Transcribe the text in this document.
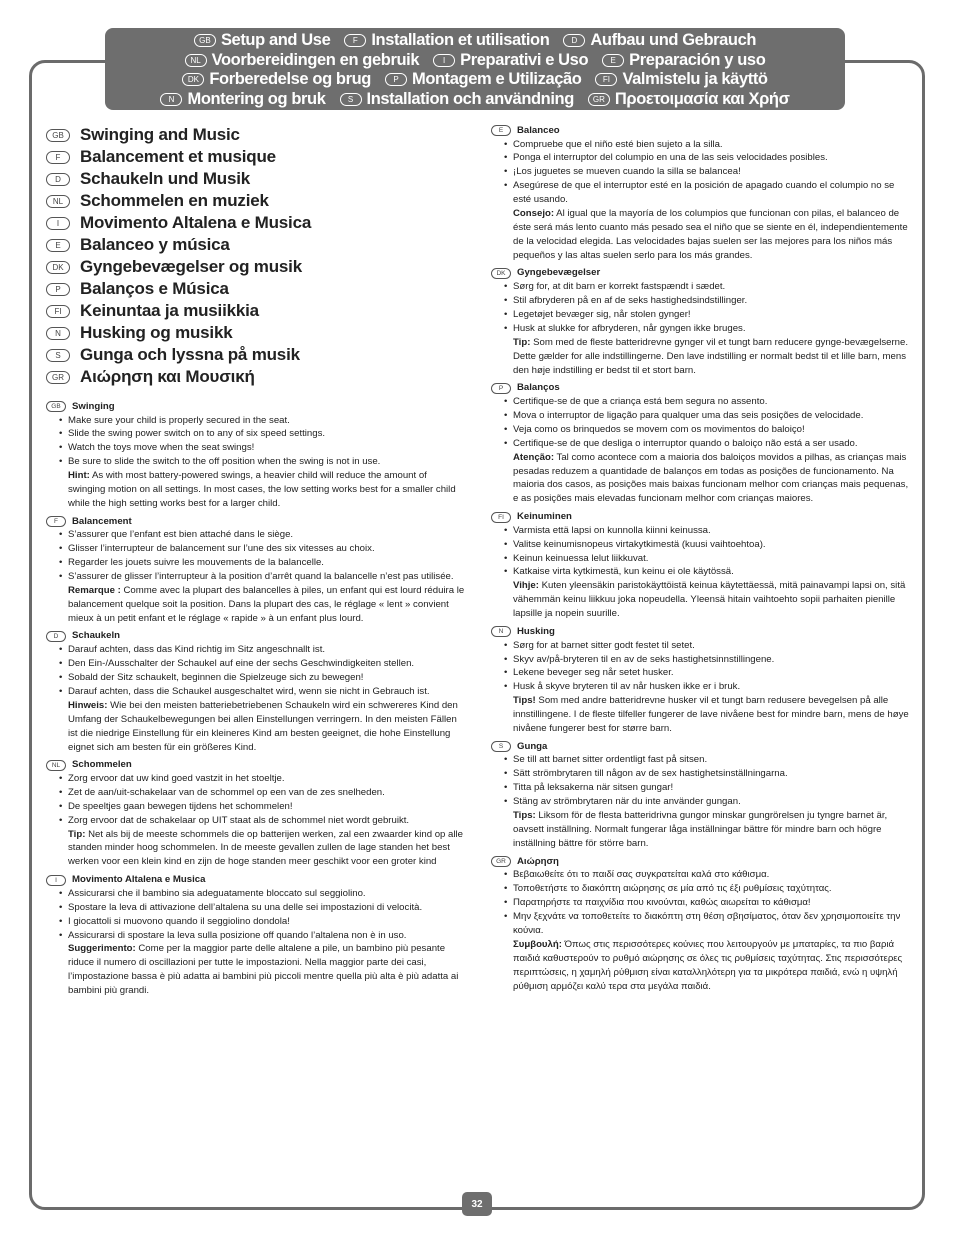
GB Setup and Use	F Installation et utilisation	D Aufbau und Gebrauch
NL Voorbereidingen en gebruik	I Preparativi e Uso	E Preparación y uso
DK Forberedelse og brug	P Montagem e Utilização	FI Valmistelu ja käyttö
N Montering og bruk	S Installation och användning	GR Προετοιμασία και Χρήσ
GB Swinging and Music
F	Balancement et musique
D	Schaukeln und Musik
NL Schommelen en muziek
I	Movimento Altalena e Musica
E	Balanceo y música
DK Gyngebevægelser og musik
P	Balanços e Música
FI	Keinuntaa ja musiikkia
N	Husking og musikk
S	Gunga och lyssna på musik
GR Αιώρηση και Μουσική
GB	Swinging
• Make sure your child is properly secured in the seat.
• Slide the swing power switch on to any of six speed settings.
• Watch the toys move when the seat swings!
• Be sure to slide the switch to the off position when the swing is not in use.
Hint: As with most battery-powered swings, a heavier child will reduce the amount of swinging motion on all settings. In most cases, the low setting works best for a smaller child while the high setting works best for a larger child.
F	Balancement
• S’assurer que l’enfant est bien attaché dans le siège.
• Glisser l’interrupteur de balancement sur l’une des six vitesses au choix.
• Regarder les jouets suivre les mouvements de la balancelle.
• S’assurer de glisser l’interrupteur à la position d’arrêt quand la balancelle n’est pas utilisée.
Remarque : Comme avec la plupart des balancelles à piles, un enfant qui est lourd réduira le balancement quelque soit la position. Dans la plupart des cas, le réglage « lent » convient mieux à un petit enfant et le réglage « rapide » à un enfant plus lourd.
D	Schaukeln
• Darauf achten, dass das Kind richtig im Sitz angeschnallt ist.
• Den Ein-/Ausschalter der Schaukel auf eine der sechs Geschwindigkeiten stellen.
• Sobald der Sitz schaukelt, beginnen die Spielzeuge sich zu bewegen!
• Darauf achten, dass die Schaukel ausgeschaltet wird, wenn sie nicht in Gebrauch ist.
Hinweis: Wie bei den meisten batteriebetriebenen Schaukeln wird ein schwereres Kind den Umfang der Schaukelbewegungen bei allen Einstellungen verringern. In den meisten Fällen ist die niedrige Einstellung für ein kleineres Kind am besten geeignet, die hohe Einstellung eignet sich am besten für ein größeres Kind.
NL	Schommelen
• Zorg ervoor dat uw kind goed vastzit in het stoeltje.
• Zet de aan/uit-schakelaar van de schommel op een van de zes snelheden.
• De speeltjes gaan bewegen tijdens het schommelen!
• Zorg ervoor dat de schakelaar op UIT staat als de schommel niet wordt gebruikt.
Tip: Net als bij de meeste schommels die op batterijen werken, zal een zwaarder kind op alle standen minder hoog schommelen. In de meeste gevallen zullen de lage standen het best werken voor een klein kind en zijn de hoge standen meer geschikt voor een groter kind
I	Movimento Altalena e Musica
• Assicurarsi che il bambino sia adeguatamente bloccato sul seggiolino.
• Spostare la leva di attivazione dell’altalena su una delle sei impostazioni di velocità.
• I giocattoli si muovono quando il seggiolino dondola!
• Assicurarsi di spostare la leva sulla posizione off quando l’altalena non è in uso.
Suggerimento: Come per la maggior parte delle altalene a pile, un bambino più pesante riduce il numero di oscillazioni per tutte le impostazioni. Nella maggior parte dei casi, l’impostazione bassa è più adatta ai bambini più piccoli mentre quella più alta è più adatta ai bambini più grandi.
E	Balanceo
• Compruebe que el niño esté bien sujeto a la silla.
• Ponga el interruptor del columpio en una de las seis velocidades posibles.
• ¡Los juguetes se mueven cuando la silla se balancea!
• Asegúrese de que el interruptor esté en la posición de apagado cuando el columpio no se esté usando.
Consejo: Al igual que la mayoría de los columpios que funcionan con pilas, el balanceo de éste será más lento cuanto más pesado sea el niño que se siente en él, independientemente de la velocidad elegida. Las velocidades bajas suelen ser las mejores para los niños más pequeños y las altas suelen serlo para los más grandes.
DK	Gyngebevægelser
• Sørg for, at dit barn er korrekt fastspændt i sædet.
• Stil afbryderen på en af de seks hastighedsindstillinger.
• Legetøjet bevæger sig, når stolen gynger!
• Husk at slukke for afbryderen, når gyngen ikke bruges.
Tip: Som med de fleste batteridrevne gynger vil et tungt barn reducere gynge-bevægelserne. Dette gælder for alle indstillingerne. Den lave indstilling er normalt bedst til et lille barn, mens den høje indstilling er bedst til et stort barn.
P	Balanços
• Certifique-se de que a criança está bem segura no assento.
• Mova o interruptor de ligação para qualquer uma das seis posições de velocidade.
• Veja como os brinquedos se movem com os movimentos do baloiço!
• Certifique-se de que desliga o interruptor quando o baloiço não está a ser usado.
Atenção: Tal como acontece com a maioria dos baloiços movidos a pilhas, as crianças mais pesadas reduzem a quantidade de balanços em todas as posições de funcionamento. Na maioria dos casos, as posições mais baixas funcionam melhor com crianças mais pequenas, e as posições mais elevadas funcionam melhor com crianças maiores.
FI	Keinuminen
• Varmista että lapsi on kunnolla kiinni keinussa.
• Valitse keinumisnopeus virtakytkimestä (kuusi vaihtoehtoa).
• Keinun keinuessa lelut liikkuvat.
• Katkaise virta kytkimestä, kun keinu ei ole käytössä.
Vihje: Kuten yleensäkin paristokäyttöistä keinua käytettäessä, mitä painavampi lapsi on, sitä vähemmän keinu liikkuu joka nopeudella. Yleensä hitain vaihtoehto sopii parhaiten pienille lapsille ja nopein suurille.
N	Husking
• Sørg for at barnet sitter godt festet til setet.
• Skyv av/på-bryteren til en av de seks hastighetsinnstillingene.
• Lekene beveger seg når setet husker.
• Husk å skyve bryteren til av når husken ikke er i bruk.
Tips! Som med andre batteridrevne husker vil et tungt barn redusere bevegelsen på alle innstillingene. I de fleste tilfeller fungerer de lave nivåene best for mindre barn, mens de høye nivåene fungerer best for større barn.
S	Gunga
• Se till att barnet sitter ordentligt fast på sitsen.
• Sätt strömbrytaren till någon av de sex hastighetsinställningarna.
• Titta på leksakerna när sitsen gungar!
• Stäng av strömbrytaren när du inte använder gungan.
Tips: Liksom för de flesta batteridrivna gungor minskar gungrörelsen ju tyngre barnet är, oavsett inställning. Normalt fungerar låga inställningar bättre för mindre barn och högre inställning bättre för större barn.
GR	Αιώρηση
• Βεβαιωθείτε ότι το παιδί σας συγκρατείται καλά στο κάθισμα.
• Τοποθετήστε το διακόπτη αιώρησης σε μία από τις έξι ρυθμίσεις ταχύτητας.
• Παρατηρήστε τα παιχνίδια που κινούνται, καθώς αιωρείται το κάθισμα!
• Μην ξεχνάτε να τοποθετείτε το διακόπτη στη θέση σβησίματος, όταν δεν χρησιμοποιείτε την κούνια.
Συμβουλή: Όπως στις περισσότερες κούνιες που λειτουργούν με μπαταρίες, τα πιο βαριά παιδιά καθυστερούν το ρυθμό αιώρησης σε όλες τις ρυθμίσεις ταχύτητας. Στις περισσότερες περιπτώσεις, η χαμηλή ρύθμιση είναι καταλληλότερη για τα μικρότερα παιδιά, ενώ η υψηλή ρύθμιση αρμόζει καλύ τερα στα μεγάλα παιδιά.
32
